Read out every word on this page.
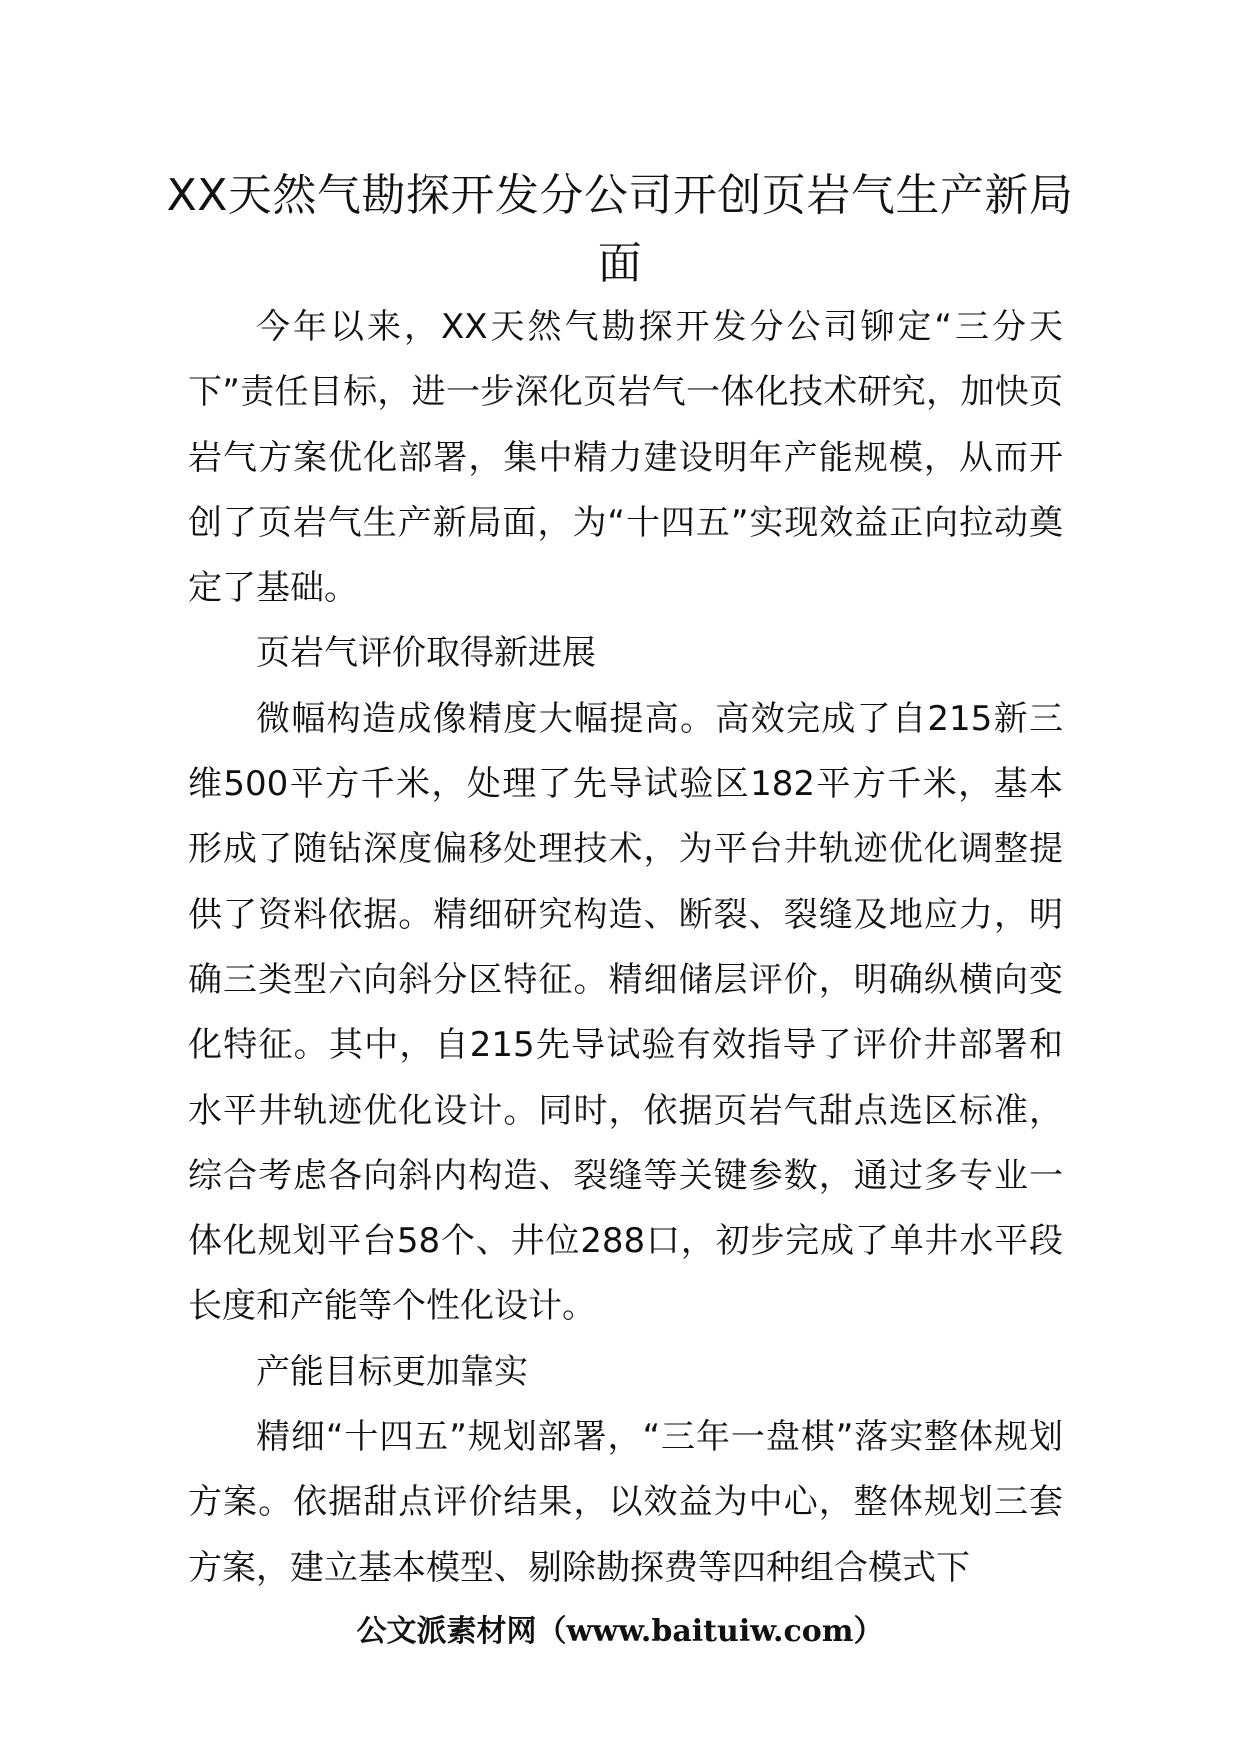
XX天然气勘探开发分公司开创页岩气生产新局面

今年以来，XX天然气勘探开发分公司铆定“三分天下”责任目标，进一步深化页岩气一体化技术研究，加快页岩气方案优化部署，集中精力建设明年产能规模，从而开创了页岩气生产新局面，为“十四五”实现效益正向拉动奠定了基础。

页岩气评价取得新进展

微幅构造成像精度大幅提高。高效完成了自215新三维500平方千米，处理了先导试验区182平方千米，基本形成了随钻深度偏移处理技术，为平台井轨迹优化调整提供了资料依据。精细研究构造、断裂、裂缝及地应力，明确三类型六向斜分区特征。精细储层评价，明确纵横向变化特征。其中，自215先导试验有效指导了评价井部署和水平井轨迹优化设计。同时，依据页岩气甜点选区标准，综合考虑各向斜内构造、裂缝等关键参数，通过多专业一体化规划平台58个、井位288口，初步完成了单井水平段长度和产能等个性化设计。

产能目标更加靠实

精细“十四五”规划部署，“三年一盘棋”落实整体规划方案。依据甜点评价结果，以效益为中心，整体规划三套方案，建立基本模型、剔除勘探费等四种组合模式下

公文派素材网（www.baituiw.com）
